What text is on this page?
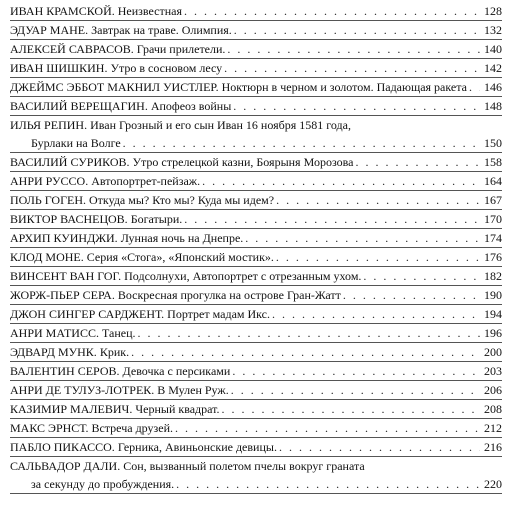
ИВАН КРАМСКОЙ. Неизвестная . . .	128
ЭДУАР МАНЕ. Завтрак на траве. Олимпия. . . .	132
АЛЕКСЕЙ САВРАСОВ. Грачи прилетели. . . .	140
ИВАН ШИШКИН. Утро в сосновом лесу . . .	142
ДЖЕЙМС ЭББОТ МАКНИЛ УИСТЛЕР. Ноктюрн в черном и золотом. Падающая ракета . . . 146
ВАСИЛИЙ ВЕРЕЩАГИН. Апофеоз войны . . .	148
ИЛЬЯ РЕПИН. Иван Грозный и его сын Иван 16 ноября 1581 года,
Бурлаки на Волге . . .	150
ВАСИЛИЙ СУРИКОВ. Утро стрелецкой казни, Боярыня Морозова . . .	158
АНРИ РУССО. Автопортрет-пейзаж. . . .	164
ПОЛЬ ГОГЕН. Откуда мы? Кто мы? Куда мы идем? . . .	167
ВИКТОР ВАСНЕЦОВ. Богатыри. . . .	170
АРХИП КУИНДЖИ. Лунная ночь на Днепре. . . .	174
КЛОД МОНЕ. Серия «Стога», «Японский мостик». . . .	176
ВИНСЕНТ ВАН ГОГ. Подсолнухи, Автопортрет с отрезанным ухом. . . .	182
ЖОРЖ-ПЬЕР СЕРА. Воскресная прогулка на острове Гран-Жатт . . .	190
ДЖОН СИНГЕР САРДЖЕНТ. Портрет мадам Икс. . . .	194
АНРИ МАТИСС. Танец. . . .	196
ЭДВАРД МУНК. Крик. . . .	200
ВАЛЕНТИН СЕРОВ. Девочка с персиками . . .	203
АНРИ ДЕ ТУЛУЗ-ЛОТРЕК. В Мулен Руж. . . .	206
КАЗИМИР МАЛЕВИЧ. Черный квадрат. . . .	208
МАКС ЭРНСТ. Встреча друзей. . . .	212
ПАБЛО ПИКАССО. Герника, Авиньонские девицы. . . .	216
САЛЬВАДОР ДАЛИ. Сон, вызванный полетом пчелы вокруг граната
за секунду до пробуждения. . . .	220
